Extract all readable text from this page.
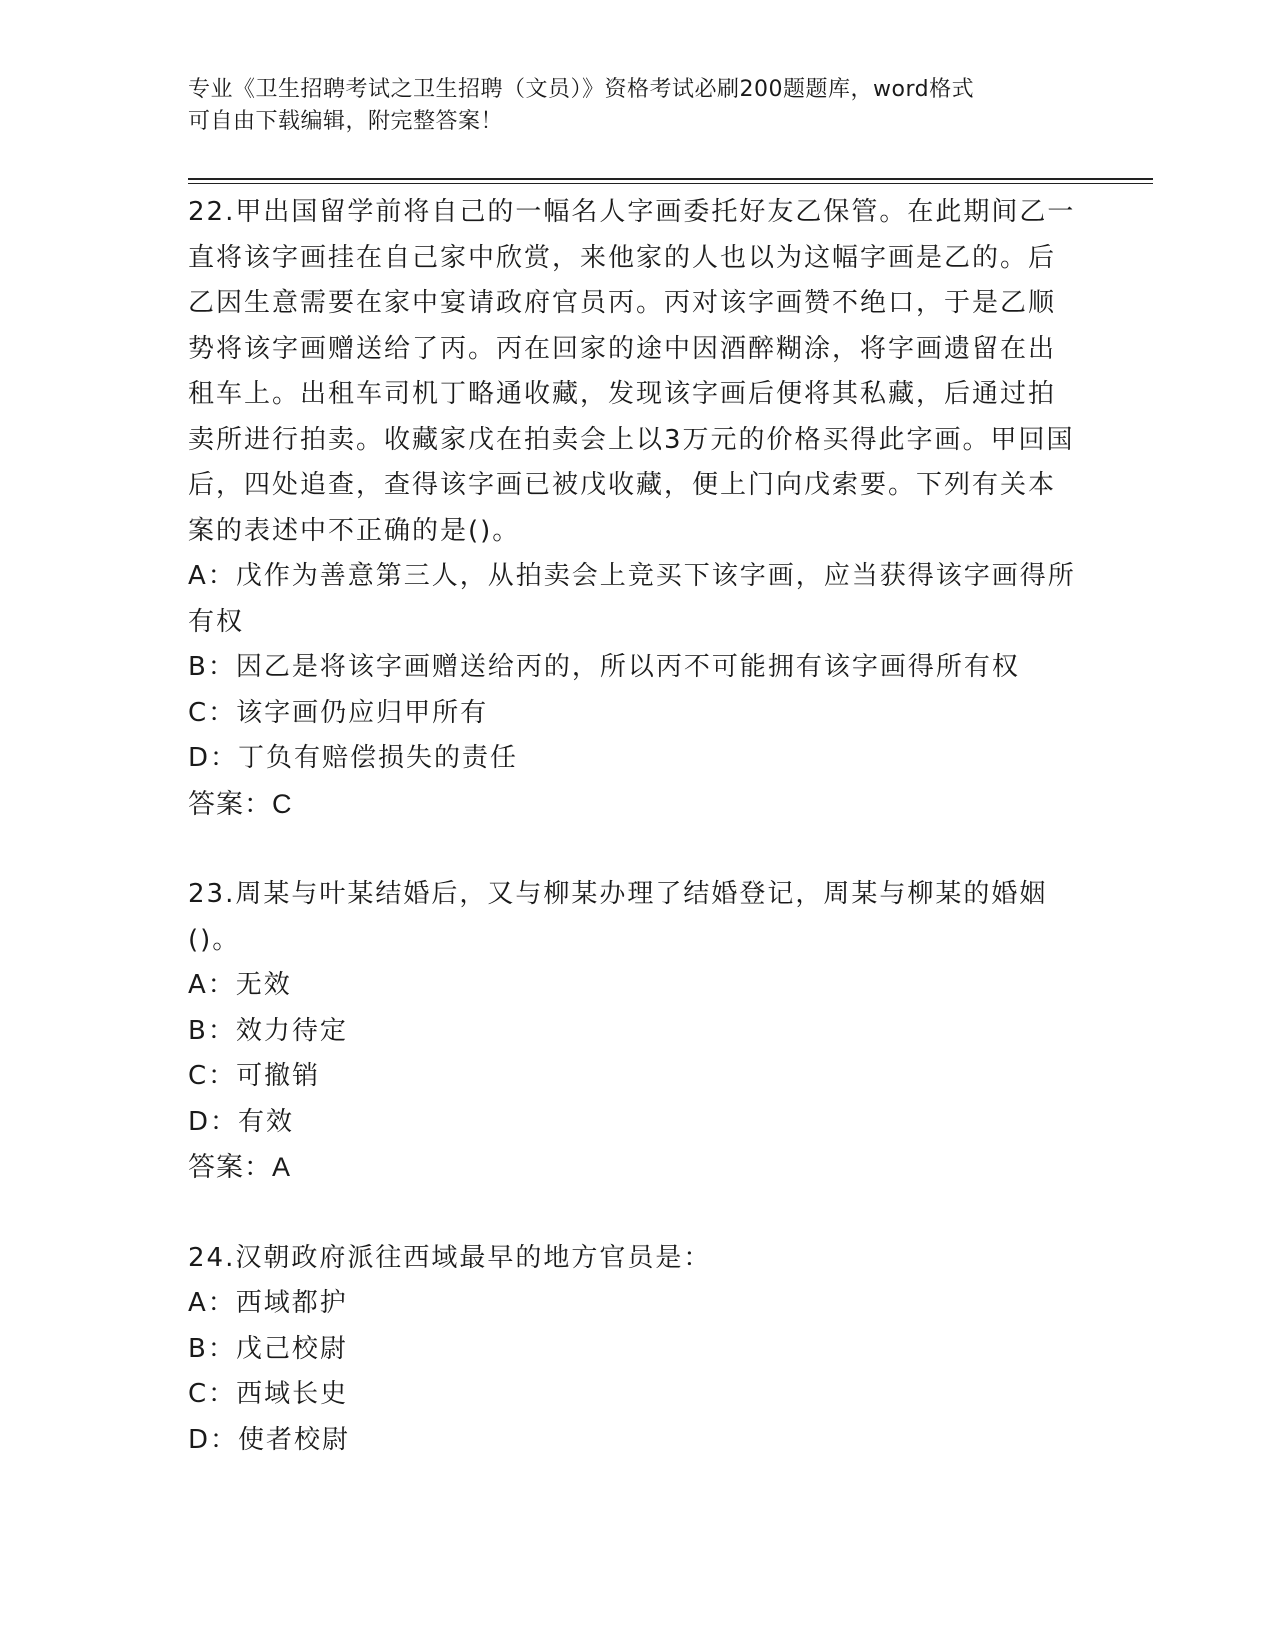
专业《卫生招聘考试之卫生招聘（文员）》资格考试必刷200题题库，word格式
可自由下载编辑，附完整答案！

22.甲出国留学前将自己的一幅名人字画委托好友乙保管。在此期间乙一直将该字画挂在自己家中欣赏，来他家的人也以为这幅字画是乙的。后乙因生意需要在家中宴请政府官员丙。丙对该字画赞不绝口，于是乙顺势将该字画赠送给了丙。丙在回家的途中因酒醉糊涂，将字画遗留在出租车上。出租车司机丁略通收藏，发现该字画后便将其私藏，后通过拍卖所进行拍卖。收藏家戊在拍卖会上以3万元的价格买得此字画。甲回国后，四处追查，查得该字画已被戊收藏，便上门向戊索要。下列有关本案的表述中不正确的是()。

A：戊作为善意第三人，从拍卖会上竞买下该字画，应当获得该字画得所有权

B：因乙是将该字画赠送给丙的，所以丙不可能拥有该字画得所有权

C：该字画仍应归甲所有

D：丁负有赔偿损失的责任

答案：C

23.周某与叶某结婚后，又与柳某办理了结婚登记，周某与柳某的婚姻()。

A：无效

B：效力待定

C：可撤销

D：有效

答案：A

24.汉朝政府派往西域最早的地方官员是：

A：西域都护

B：戊己校尉

C：西域长史

D：使者校尉
